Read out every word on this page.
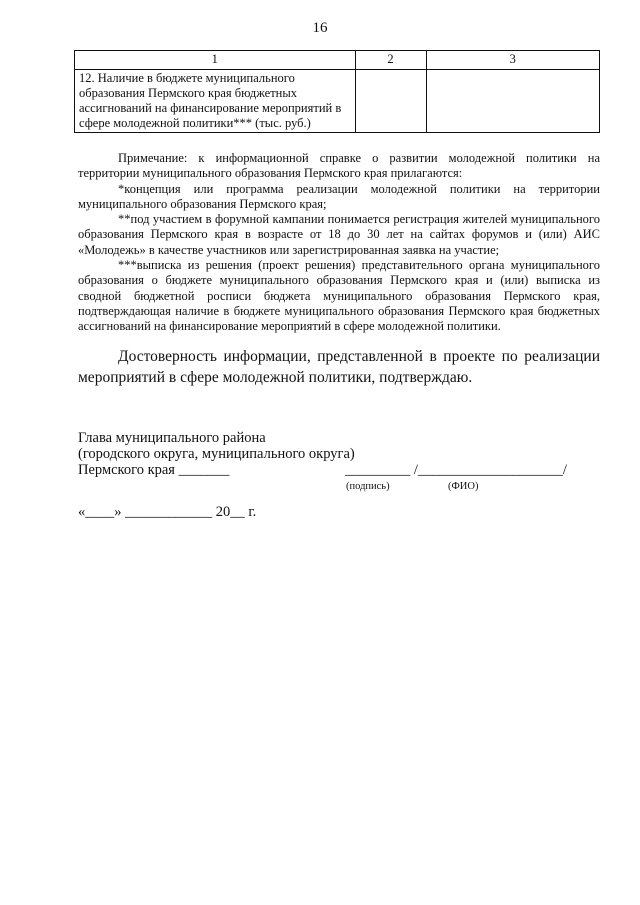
16
1	2	3
12. Наличие в бюджете муниципального образования Пермского края бюджетных ассигнований на финансирование мероприятий в сфере молодежной политики*** (тыс. руб.)		

Примечание: к информационной справке о развитии молодежной политики на территории муниципального образования Пермского края прилагаются:

*концепция или программа реализации молодежной политики на территории муниципального образования Пермского края;

**под участием в форумной кампании понимается регистрация жителей муниципального образования Пермского края в возрасте от 18 до 30 лет на сайтах форумов и (или) АИС «Молодежь» в качестве участников или зарегистрированная заявка на участие;

***выписка из решения (проект решения) представительного органа муниципального образования о бюджете муниципального образования Пермского края и (или) выписка из сводной бюджетной росписи бюджета муниципального образования Пермского края, подтверждающая наличие в бюджете муниципального образования Пермского края бюджетных ассигнований на финансирование мероприятий в сфере молодежной политики.

Достоверность информации, представленной в проекте по реализации мероприятий в сфере молодежной политики, подтверждаю.

Глава муниципального района
(городского округа, муниципального округа)
Пермского края _______	_________ /____________________/
(подпись)	(ФИО)
«____» ____________ 20__ г.
